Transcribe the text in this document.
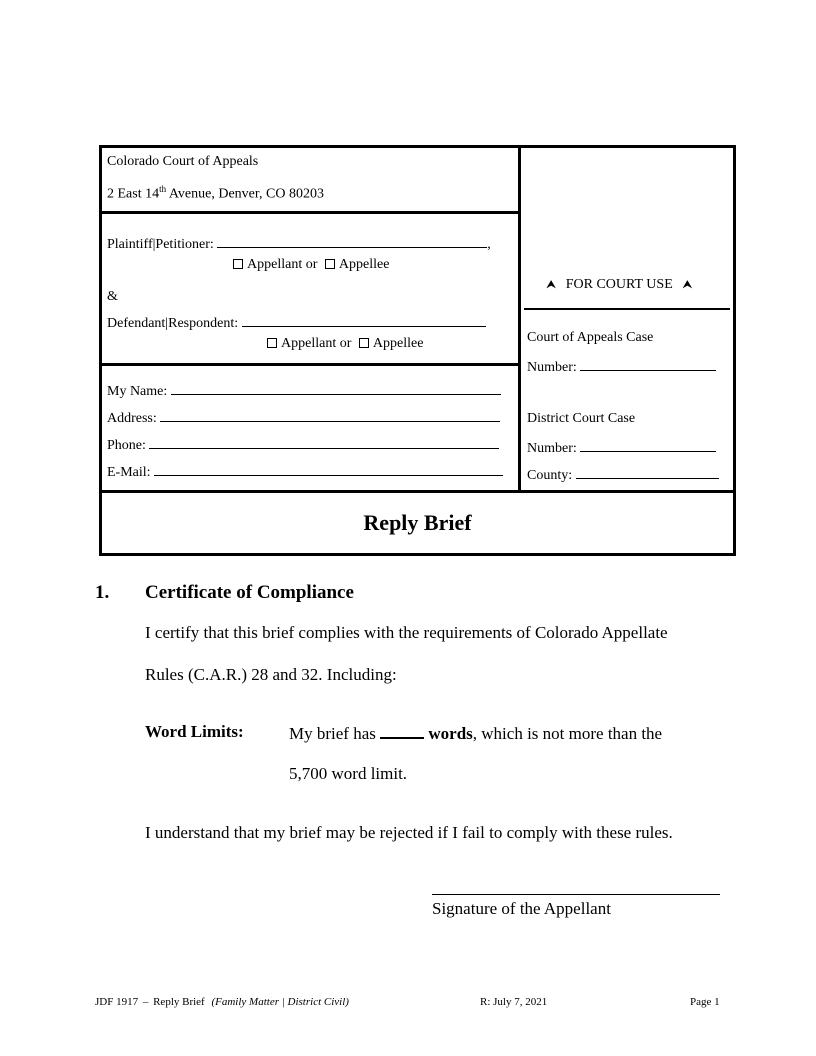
Colorado Court of Appeals
2 East 14th Avenue, Denver, CO 80203
Plaintiff|Petitioner:	,
Appellant or Appellee
&
Defendant|Respondent:
Appellant or Appellee
My Name:
Address:
Phone:
E-Mail:
⮝ FOR COURT USE ⮝
Court of Appeals Case
Number:
District Court Case
Number:
County:
Reply Brief
1. Certificate of Compliance
I certify that this brief complies with the requirements of Colorado Appellate
Rules (C.A.R.) 28 and 32. Including:
Word Limits:	My brief has	words, which is not more than the
5,700 word limit.
I understand that my brief may be rejected if I fail to comply with these rules.
Signature of the Appellant
JDF 1917 – Reply Brief (Family Matter | District Civil)	R: July 7, 2021	Page 1
